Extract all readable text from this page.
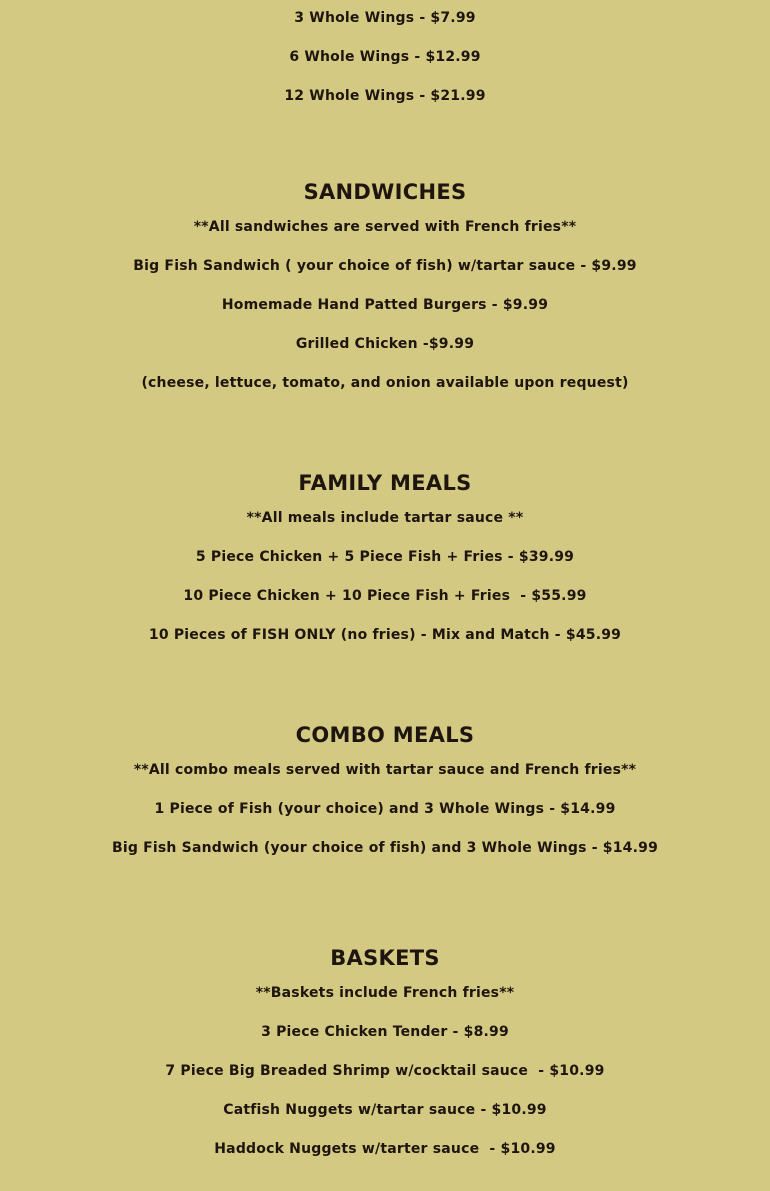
3 Whole Wings - $7.99
6 Whole Wings - $12.99
12 Whole Wings - $21.99
SANDWICHES
**All sandwiches are served with French fries**
Big Fish Sandwich ( your choice of fish) w/tartar sauce - $9.99
Homemade Hand Patted Burgers - $9.99
Grilled Chicken -$9.99
(cheese, lettuce, tomato, and onion available upon request)
FAMILY MEALS
**All meals include tartar sauce **
5 Piece Chicken + 5 Piece Fish + Fries - $39.99
10 Piece Chicken + 10 Piece Fish + Fries  - $55.99
10 Pieces of FISH ONLY (no fries) - Mix and Match - $45.99
COMBO MEALS
**All combo meals served with tartar sauce and French fries**
1 Piece of Fish (your choice) and 3 Whole Wings - $14.99
Big Fish Sandwich (your choice of fish) and 3 Whole Wings - $14.99
BASKETS
**Baskets include French fries**
3 Piece Chicken Tender - $8.99
7 Piece Big Breaded Shrimp w/cocktail sauce  - $10.99
Catfish Nuggets w/tartar sauce - $10.99
Haddock Nuggets w/tarter sauce  - $10.99
